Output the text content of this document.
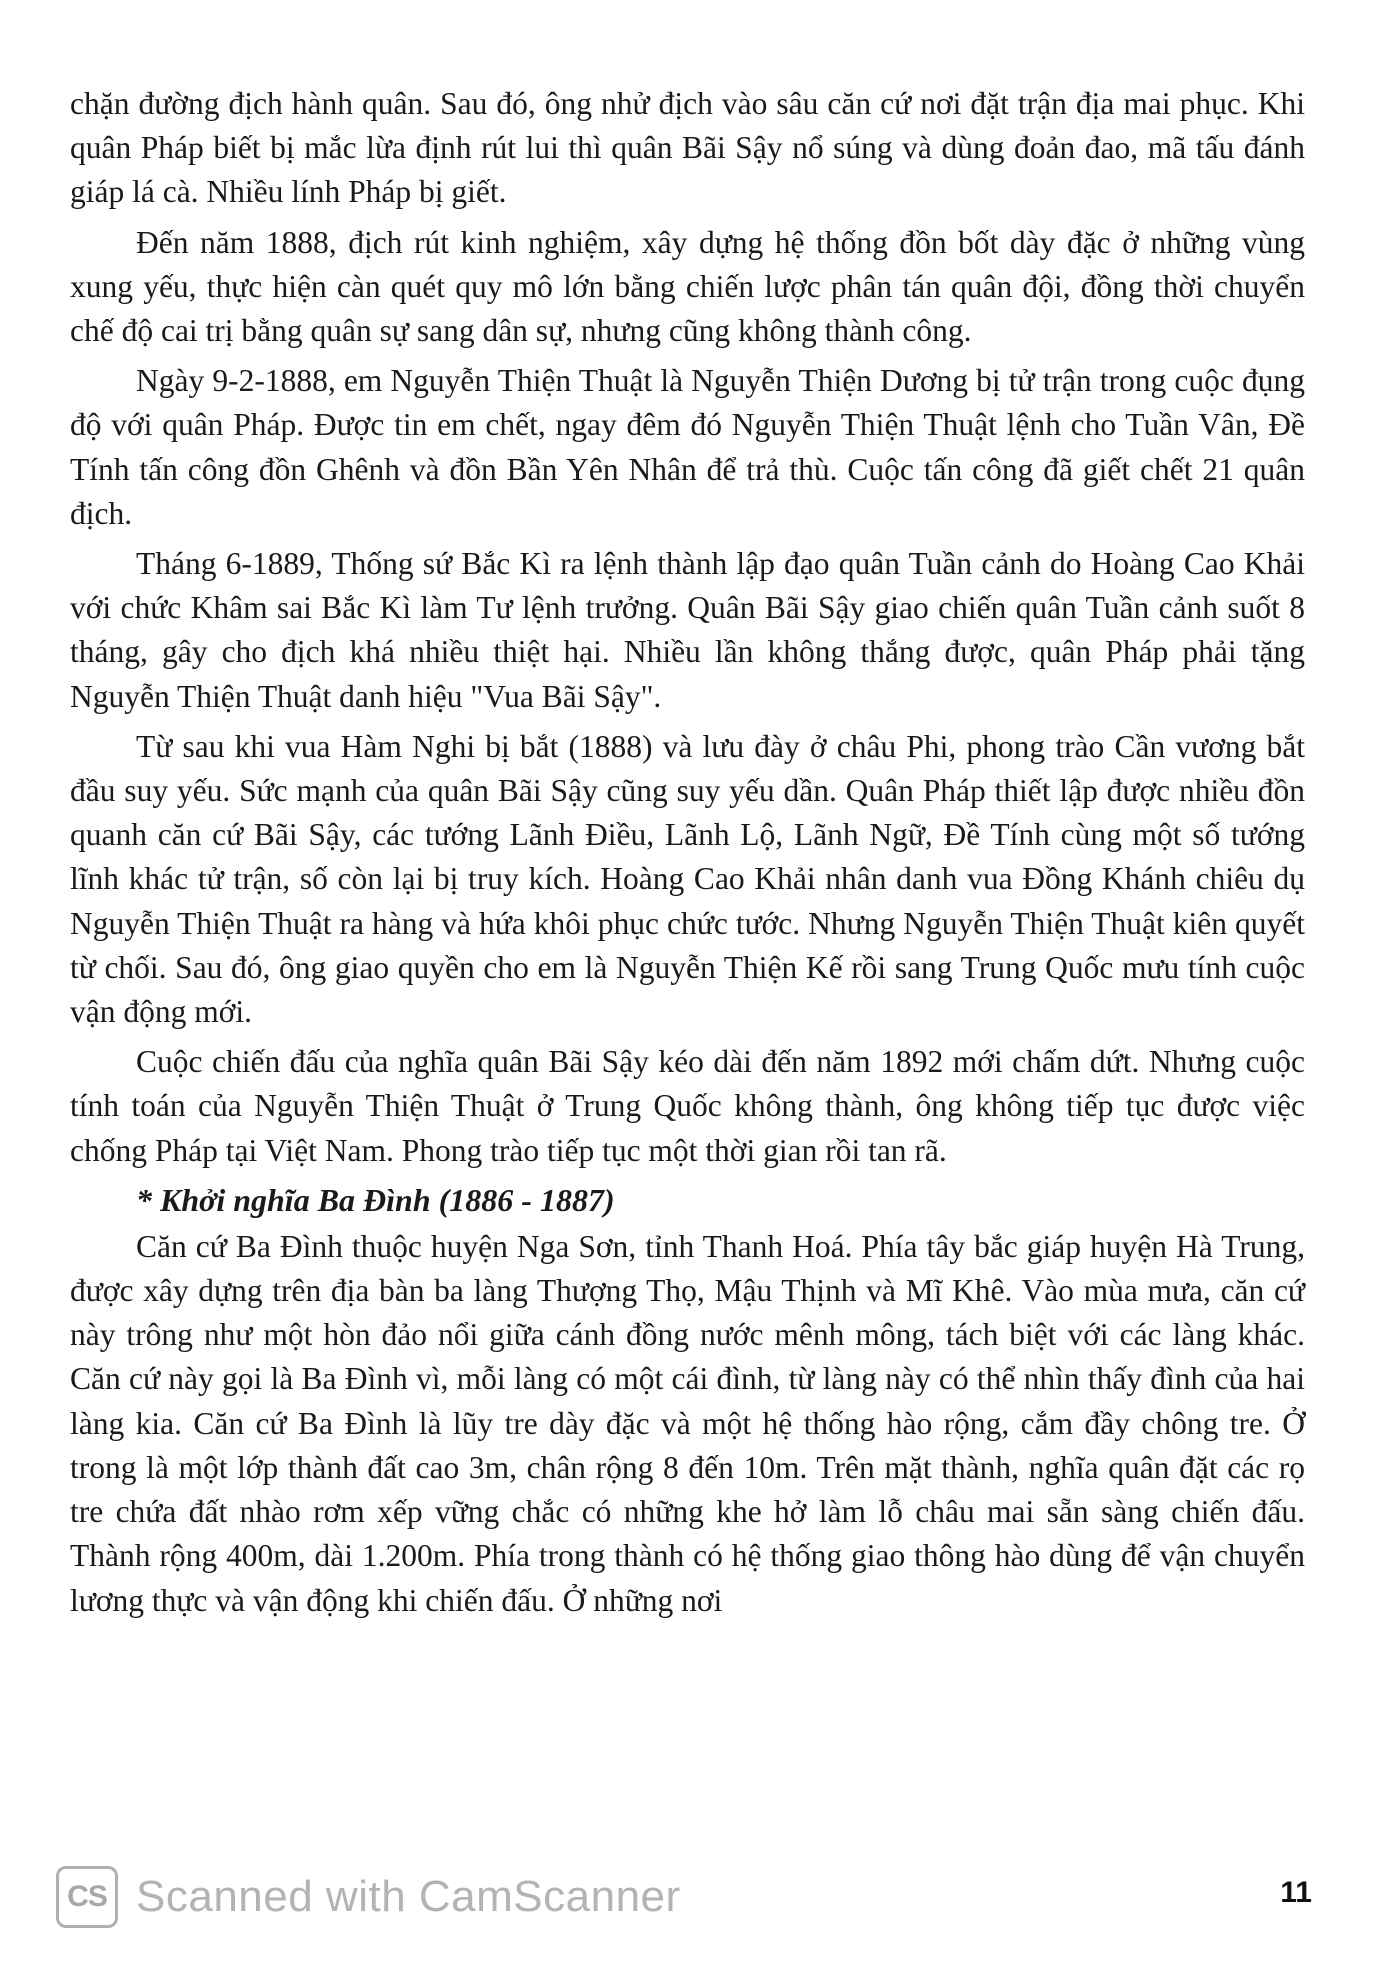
chặn đường địch hành quân. Sau đó, ông nhử địch vào sâu căn cứ nơi đặt trận địa mai phục. Khi quân Pháp biết bị mắc lừa định rút lui thì quân Bãi Sậy nổ súng và dùng đoản đao, mã tấu đánh giáp lá cà. Nhiều lính Pháp bị giết.

Đến năm 1888, địch rút kinh nghiệm, xây dựng hệ thống đồn bốt dày đặc ở những vùng xung yếu, thực hiện càn quét quy mô lớn bằng chiến lược phân tán quân đội, đồng thời chuyển chế độ cai trị bằng quân sự sang dân sự, nhưng cũng không thành công.

Ngày 9-2-1888, em Nguyễn Thiện Thuật là Nguyễn Thiện Dương bị tử trận trong cuộc đụng độ với quân Pháp. Được tin em chết, ngay đêm đó Nguyễn Thiện Thuật lệnh cho Tuần Vân, Đề Tính tấn công đồn Ghênh và đồn Bần Yên Nhân để trả thù. Cuộc tấn công đã giết chết 21 quân địch.

Tháng 6-1889, Thống sứ Bắc Kì ra lệnh thành lập đạo quân Tuần cảnh do Hoàng Cao Khải với chức Khâm sai Bắc Kì làm Tư lệnh trưởng. Quân Bãi Sậy giao chiến quân Tuần cảnh suốt 8 tháng, gây cho địch khá nhiều thiệt hại. Nhiều lần không thắng được, quân Pháp phải tặng Nguyễn Thiện Thuật danh hiệu "Vua Bãi Sậy".

Từ sau khi vua Hàm Nghi bị bắt (1888) và lưu đày ở châu Phi, phong trào Cần vương bắt đầu suy yếu. Sức mạnh của quân Bãi Sậy cũng suy yếu dần. Quân Pháp thiết lập được nhiều đồn quanh căn cứ Bãi Sậy, các tướng Lãnh Điều, Lãnh Lộ, Lãnh Ngữ, Đề Tính cùng một số tướng lĩnh khác tử trận, số còn lại bị truy kích. Hoàng Cao Khải nhân danh vua Đồng Khánh chiêu dụ Nguyễn Thiện Thuật ra hàng và hứa khôi phục chức tước. Nhưng Nguyễn Thiện Thuật kiên quyết từ chối. Sau đó, ông giao quyền cho em là Nguyễn Thiện Kế rồi sang Trung Quốc mưu tính cuộc vận động mới.

Cuộc chiến đấu của nghĩa quân Bãi Sậy kéo dài đến năm 1892 mới chấm dứt. Nhưng cuộc tính toán của Nguyễn Thiện Thuật ở Trung Quốc không thành, ông không tiếp tục được việc chống Pháp tại Việt Nam. Phong trào tiếp tục một thời gian rồi tan rã.

* Khởi nghĩa Ba Đình (1886 - 1887)

Căn cứ Ba Đình thuộc huyện Nga Sơn, tỉnh Thanh Hoá. Phía tây bắc giáp huyện Hà Trung, được xây dựng trên địa bàn ba làng Thượng Thọ, Mậu Thịnh và Mĩ Khê. Vào mùa mưa, căn cứ này trông như một hòn đảo nổi giữa cánh đồng nước mênh mông, tách biệt với các làng khác. Căn cứ này gọi là Ba Đình vì, mỗi làng có một cái đình, từ làng này có thể nhìn thấy đình của hai làng kia. Căn cứ Ba Đình là lũy tre dày đặc và một hệ thống hào rộng, cắm đầy chông tre. Ở trong là một lớp thành đất cao 3m, chân rộng 8 đến 10m. Trên mặt thành, nghĩa quân đặt các rọ tre chứa đất nhào rơm xếp vững chắc có những khe hở làm lỗ châu mai sẵn sàng chiến đấu. Thành rộng 400m, dài 1.200m. Phía trong thành có hệ thống giao thông hào dùng để vận chuyển lương thực và vận động khi chiến đấu. Ở những nơi

CS Scanned with CamScanner	11
